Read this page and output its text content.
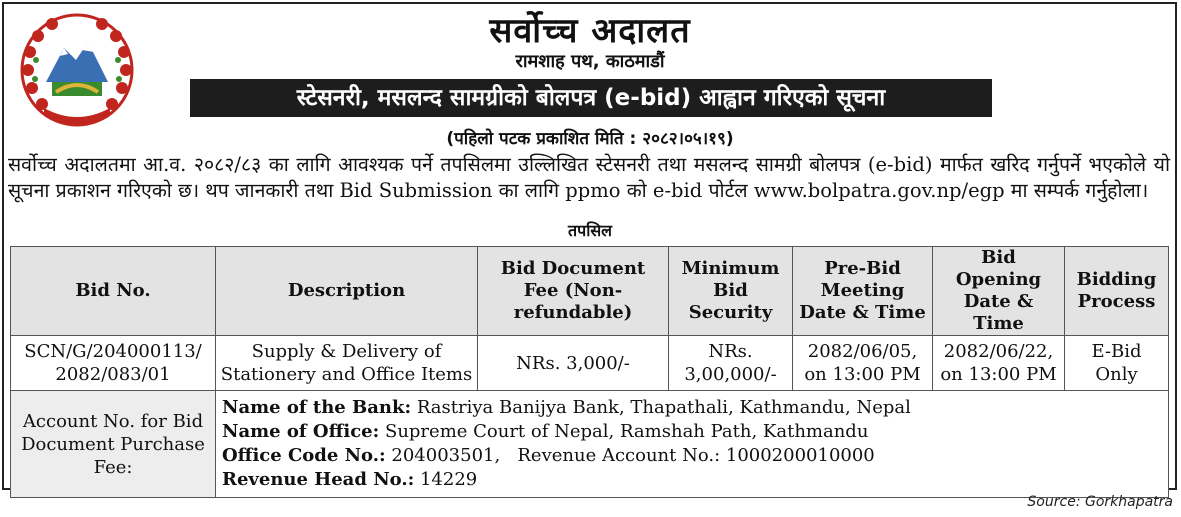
सर्वोच्च अदालत
रामशाह पथ, काठमाडौं
स्टेसनरी, मसलन्द सामग्रीको बोलपत्र (e-bid) आह्वान गरिएको सूचना
(पहिलो पटक प्रकाशित मिति : २०८२।०५।१९)
सर्वोच्च अदालतमा आ.व. २०८२/८३ का लागि आवश्यक पर्ने तपसिलमा उल्लिखित स्टेसनरी तथा मसलन्द सामग्री बोलपत्र (e-bid) मार्फत खरिद गर्नुपर्ने भएकोले यो सूचना प्रकाशन गरिएको छ। थप जानकारी तथा Bid Submission का लागि ppmo को e-bid पोर्टल www.bolpatra.gov.np/egp मा सम्पर्क गर्नुहोला।
तपसिल
Bid No.	Description	Bid Document Fee (Non-refundable)	Minimum Bid Security	Pre-Bid Meeting Date & Time	Bid Opening Date & Time	Bidding Process
SCN/G/204000113/ 2082/083/01	Supply & Delivery of Stationery and Office Items	NRs. 3,000/-	NRs. 3,00,000/-	2082/06/05, on 13:00 PM	2082/06/22, on 13:00 PM	E-Bid Only
Account No. for Bid Document Purchase Fee:	Name of the Bank: Rastriya Banijya Bank, Thapathali, Kathmandu, Nepal
Name of Office: Supreme Court of Nepal, Ramshah Path, Kathmandu
Office Code No.: 204003501, Revenue Account No.: 1000200010000
Revenue Head No.: 14229					
Source: Gorkhapatra
